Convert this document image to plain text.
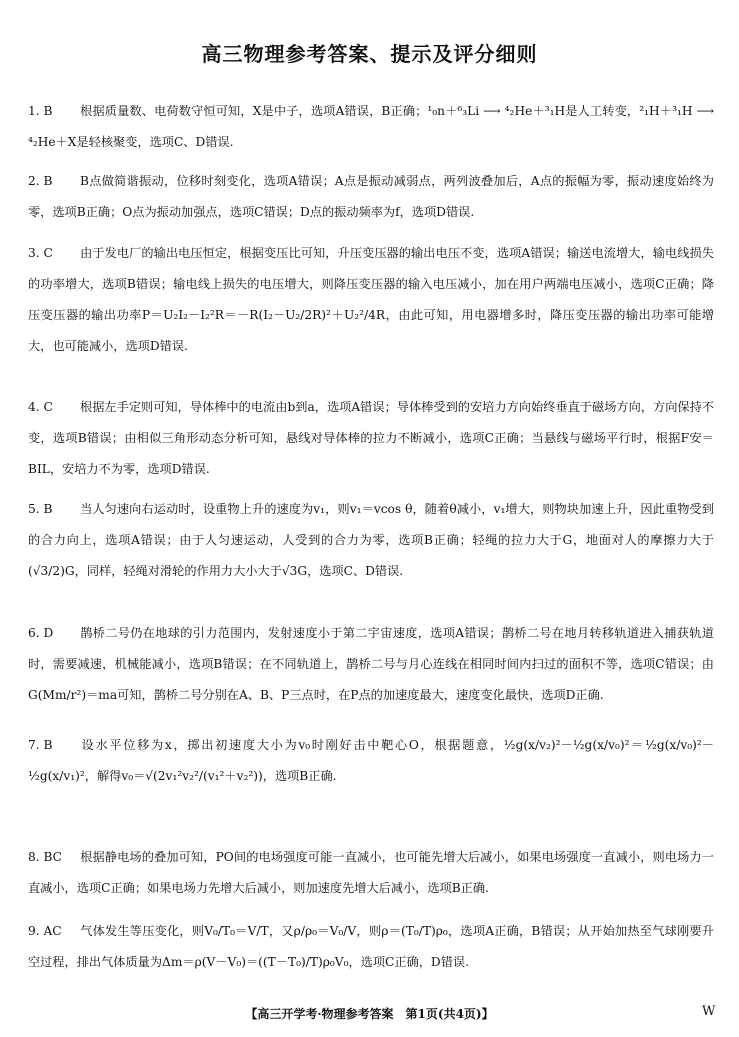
高三物理参考答案、提示及评分细则
1. B 根据质量数、电荷数守恒可知，X是中子，选项A错误，B正确；¹₀n＋⁶₃Li ⟶ ⁴₂He＋³₁H是人工转变，²₁H＋³₁H ⟶ ⁴₂He＋X是轻核聚变，选项C、D错误.
2. B B点做简谐振动，位移时刻变化，选项A错误；A点是振动减弱点，两列波叠加后，A点的振幅为零，振动速度始终为零，选项B正确；O点为振动加强点，选项C错误；D点的振动频率为f，选项D错误.
3. C 由于发电厂的输出电压恒定，根据变压比可知，升压变压器的输出电压不变，选项A错误；输送电流增大，输电线损失的功率增大，选项B错误；输电线上损失的电压增大，则降压变压器的输入电压减小，加在用户两端电压减小，选项C正确；降压变压器的输出功率P＝U₂I₂－I₂²R＝－R(I₂－U₂/2R)²＋U₂²/4R，由此可知，用电器增多时，降压变压器的输出功率可能增大，也可能减小，选项D错误.
4. C 根据左手定则可知，导体棒中的电流由b到a，选项A错误；导体棒受到的安培力方向始终垂直于磁场方向，方向保持不变，选项B错误；由相似三角形动态分析可知，悬线对导体棒的拉力不断减小，选项C正确；当悬线与磁场平行时，根据F安＝BIL，安培力不为零，选项D错误.
5. B 当人匀速向右运动时，设重物上升的速度为v₁，则v₁＝vcos θ，随着θ减小，v₁增大，则物块加速上升，因此重物受到的合力向上，选项A错误；由于人匀速运动，人受到的合力为零，选项B正确；轻绳的拉力大于G，地面对人的摩擦力大于(√3/2)G，同样，轻绳对滑轮的作用力大小大于√3G，选项C、D错误.
6. D 鹊桥二号仍在地球的引力范围内，发射速度小于第二宇宙速度，选项A错误；鹊桥二号在地月转移轨道进入捕获轨道时，需要减速，机械能减小，选项B错误；在不同轨道上，鹊桥二号与月心连线在相同时间内扫过的面积不等，选项C错误；由G(Mm/r²)＝ma可知，鹊桥二号分别在A、B、P三点时，在P点的加速度最大，速度变化最快，选项D正确.
7. B 设水平位移为x，掷出初速度大小为v₀时刚好击中靶心O，根据题意，½g(x/v₂)²－½g(x/v₀)²＝½g(x/v₀)²－½g(x/v₁)²，解得v₀＝√(2v₁²v₂²/(v₁²＋v₂²))，选项B正确.
8. BC 根据静电场的叠加可知，PO间的电场强度可能一直减小，也可能先增大后减小，如果电场强度一直减小，则电场力一直减小，选项C正确；如果电场力先增大后减小，则加速度先增大后减小，选项B正确.
9. AC 气体发生等压变化，则V₀/T₀＝V/T，又ρ/ρ₀＝V₀/V，则ρ＝(T₀/T)ρ₀，选项A正确，B错误；从开始加热至气球刚要升空过程，排出气体质量为Δm＝ρ(V－V₀)＝((T－T₀)/T)ρ₀V₀，选项C正确，D错误.
【高三开学考·物理参考答案　第1页(共4页)】	W
